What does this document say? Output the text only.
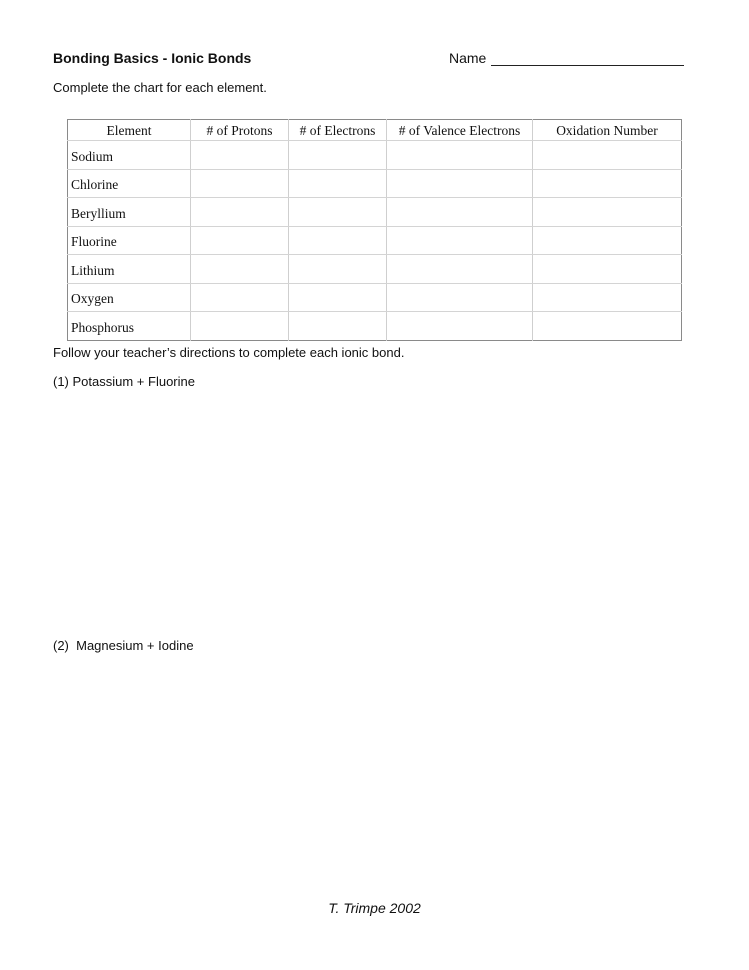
Bonding Basics - Ionic Bonds	Name
Complete the chart for each element.
Element	# of Protons	# of Electrons	# of Valence Electrons	Oxidation Number
Sodium				
Chlorine				
Beryllium				
Fluorine				
Lithium				
Oxygen				
Phosphorus				
Follow your teacher’s directions to complete each ionic bond.
(1) Potassium + Fluorine
(2)  Magnesium + Iodine
T. Trimpe 2002
